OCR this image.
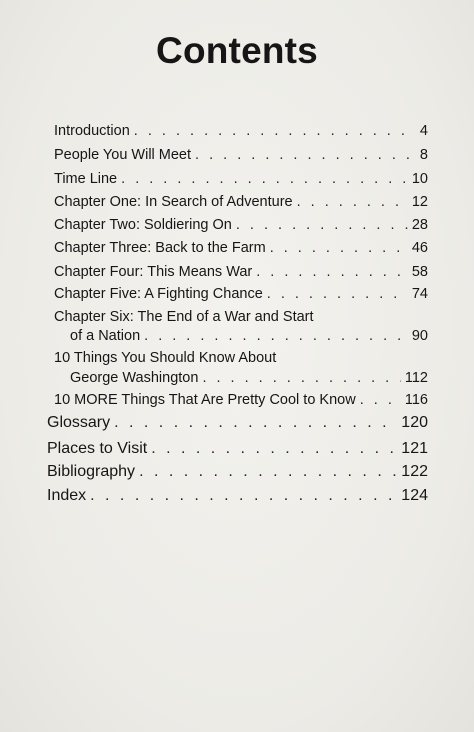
Contents
Introduction . . .	4
People You Will Meet . . .	8
Time Line . . .	10
Chapter One: In Search of Adventure . . .	12
Chapter Two: Soldiering On . . .	28
Chapter Three: Back to the Farm . . .	46
Chapter Four: This Means War . . .	58
Chapter Five: A Fighting Chance . . .	74
Chapter Six: The End of a War and Start
of a Nation . . .	90
10 Things You Should Know About
George Washington . . .	112
10 MORE Things That Are Pretty Cool to Know . . .	116
Glossary . . .	120
Places to Visit . . .	121
Bibliography . . .	122
Index . . .	124
